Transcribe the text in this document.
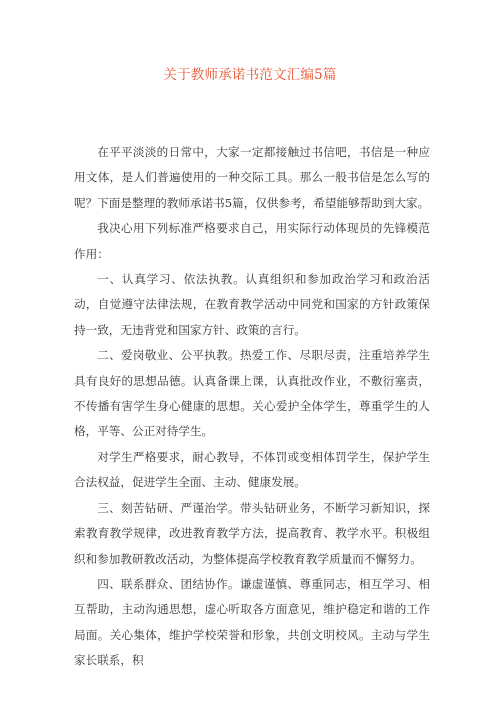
关于教师承诺书范文汇编5篇

在平平淡淡的日常中，大家一定都接触过书信吧，书信是一种应用文体，是人们普遍使用的一种交际工具。那么一般书信是怎么写的呢？下面是整理的教师承诺书5篇，仅供参考，希望能够帮助到大家。

我决心用下列标准严格要求自己，用实际行动体现员的先锋模范作用：

一、认真学习、依法执教。认真组织和参加政治学习和政治活动，自觉遵守法律法规，在教育教学活动中同党和国家的方针政策保持一致，无违背党和国家方针、政策的言行。

二、爱岗敬业、公平执教。热爱工作、尽职尽责，注重培养学生具有良好的思想品德。认真备课上课，认真批改作业，不敷衍塞责，不传播有害学生身心健康的思想。关心爱护全体学生，尊重学生的人格，平等、公正对待学生。

对学生严格要求，耐心教导，不体罚或变相体罚学生，保护学生合法权益，促进学生全面、主动、健康发展。

三、刻苦钻研、严谨治学。带头钻研业务，不断学习新知识，探索教育教学规律，改进教育教学方法，提高教育、教学水平。积极组织和参加教研教改活动，为整体提高学校教育教学质量而不懈努力。

四、联系群众、团结协作。谦虚谨慎、尊重同志，相互学习、相互帮助，主动沟通思想，虚心听取各方面意见，维护稳定和谐的工作局面。关心集体，维护学校荣誉和形象，共创文明校风。主动与学生家长联系，积
